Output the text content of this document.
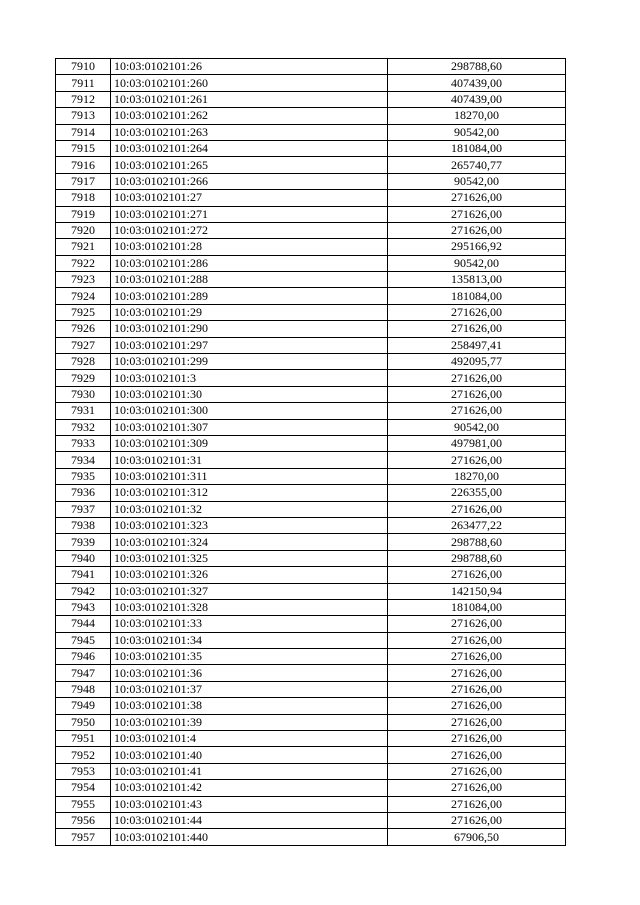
7910	10:03:0102101:26	298788,60
7911	10:03:0102101:260	407439,00
7912	10:03:0102101:261	407439,00
7913	10:03:0102101:262	18270,00
7914	10:03:0102101:263	90542,00
7915	10:03:0102101:264	181084,00
7916	10:03:0102101:265	265740,77
7917	10:03:0102101:266	90542,00
7918	10:03:0102101:27	271626,00
7919	10:03:0102101:271	271626,00
7920	10:03:0102101:272	271626,00
7921	10:03:0102101:28	295166,92
7922	10:03:0102101:286	90542,00
7923	10:03:0102101:288	135813,00
7924	10:03:0102101:289	181084,00
7925	10:03:0102101:29	271626,00
7926	10:03:0102101:290	271626,00
7927	10:03:0102101:297	258497,41
7928	10:03:0102101:299	492095,77
7929	10:03:0102101:3	271626,00
7930	10:03:0102101:30	271626,00
7931	10:03:0102101:300	271626,00
7932	10:03:0102101:307	90542,00
7933	10:03:0102101:309	497981,00
7934	10:03:0102101:31	271626,00
7935	10:03:0102101:311	18270,00
7936	10:03:0102101:312	226355,00
7937	10:03:0102101:32	271626,00
7938	10:03:0102101:323	263477,22
7939	10:03:0102101:324	298788,60
7940	10:03:0102101:325	298788,60
7941	10:03:0102101:326	271626,00
7942	10:03:0102101:327	142150,94
7943	10:03:0102101:328	181084,00
7944	10:03:0102101:33	271626,00
7945	10:03:0102101:34	271626,00
7946	10:03:0102101:35	271626,00
7947	10:03:0102101:36	271626,00
7948	10:03:0102101:37	271626,00
7949	10:03:0102101:38	271626,00
7950	10:03:0102101:39	271626,00
7951	10:03:0102101:4	271626,00
7952	10:03:0102101:40	271626,00
7953	10:03:0102101:41	271626,00
7954	10:03:0102101:42	271626,00
7955	10:03:0102101:43	271626,00
7956	10:03:0102101:44	271626,00
7957	10:03:0102101:440	67906,50
